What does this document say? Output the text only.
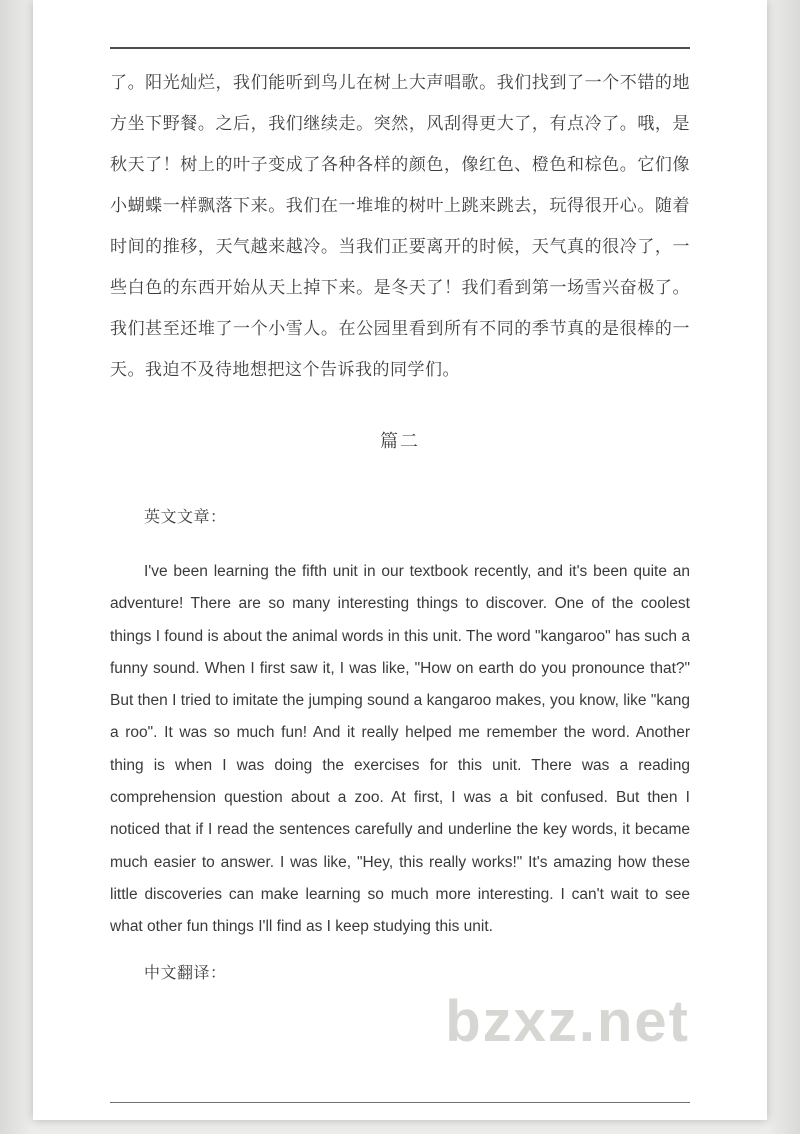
了。阳光灿烂，我们能听到鸟儿在树上大声唱歌。我们找到了一个不错的地方坐下野餐。之后，我们继续走。突然，风刮得更大了，有点冷了。哦，是秋天了！树上的叶子变成了各种各样的颜色，像红色、橙色和棕色。它们像小蝴蝶一样飘落下来。我们在一堆堆的树叶上跳来跳去，玩得很开心。随着时间的推移，天气越来越冷。当我们正要离开的时候，天气真的很冷了，一些白色的东西开始从天上掉下来。是冬天了！我们看到第一场雪兴奋极了。我们甚至还堆了一个小雪人。在公园里看到所有不同的季节真的是很棒的一天。我迫不及待地想把这个告诉我的同学们。

篇二

英文文章：

I've been learning the fifth unit in our textbook recently, and it's been quite an adventure! There are so many interesting things to discover. One of the coolest things I found is about the animal words in this unit. The word "kangaroo" has such a funny sound. When I first saw it, I was like, "How on earth do you pronounce that?" But then I tried to imitate the jumping sound a kangaroo makes, you know, like "kang a roo". It was so much fun! And it really helped me remember the word. Another thing is when I was doing the exercises for this unit. There was a reading comprehension question about a zoo. At first, I was a bit confused. But then I noticed that if I read the sentences carefully and underline the key words, it became much easier to answer. I was like, "Hey, this really works!" It's amazing how these little discoveries can make learning so much more interesting. I can't wait to see what other fun things I'll find as I keep studying this unit.

中文翻译：

bzxz.net
